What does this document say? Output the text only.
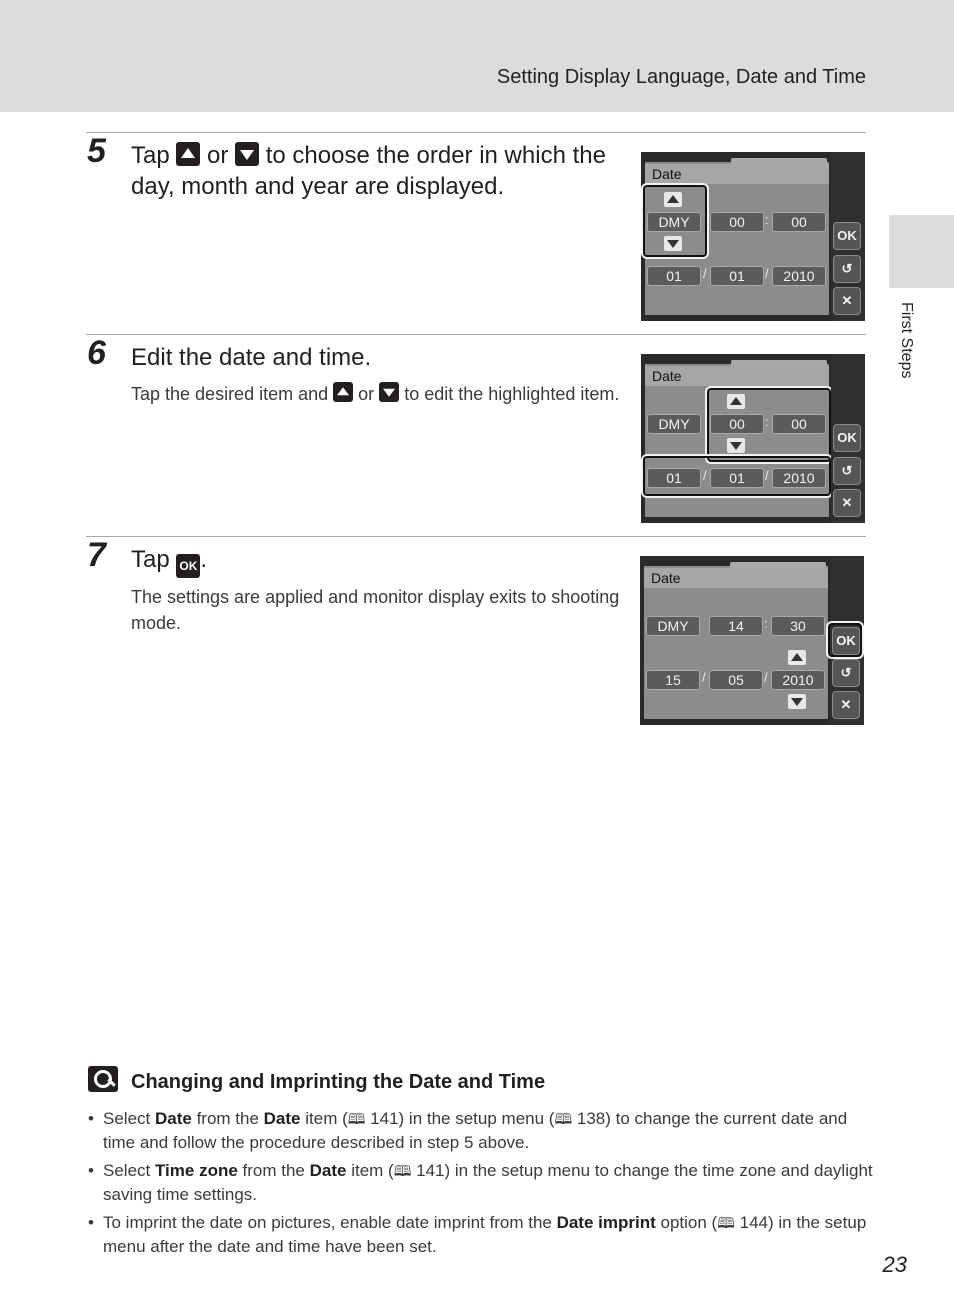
Setting Display Language, Date and Time
First Steps
5 Tap or to choose the order in which the day, month and year are displayed.	Date
DMY	00	:	00
01	/	01	/	2010
OK
↺
✕
6 Edit the date and time.
Tap the desired item and or to edit the highlighted item.
Date
DMY	00	:	00
01	/	01	/	2010
OK
↺
✕
7 Tap OK .
The settings are applied and monitor display exits to shooting mode.
Date
DMY	14	:	30
15	/	05	/	2010
OK
↺
✕
Changing and Imprinting the Date and Time
• Select Date from the Date item (🕮 141) in the setup menu (🕮 138) to change the current date and time and follow the procedure described in step 5 above.
• Select Time zone from the Date item (🕮 141) in the setup menu to change the time zone and daylight saving time settings.
• To imprint the date on pictures, enable date imprint from the Date imprint option (🕮 144) in the setup menu after the date and time have been set.
23
